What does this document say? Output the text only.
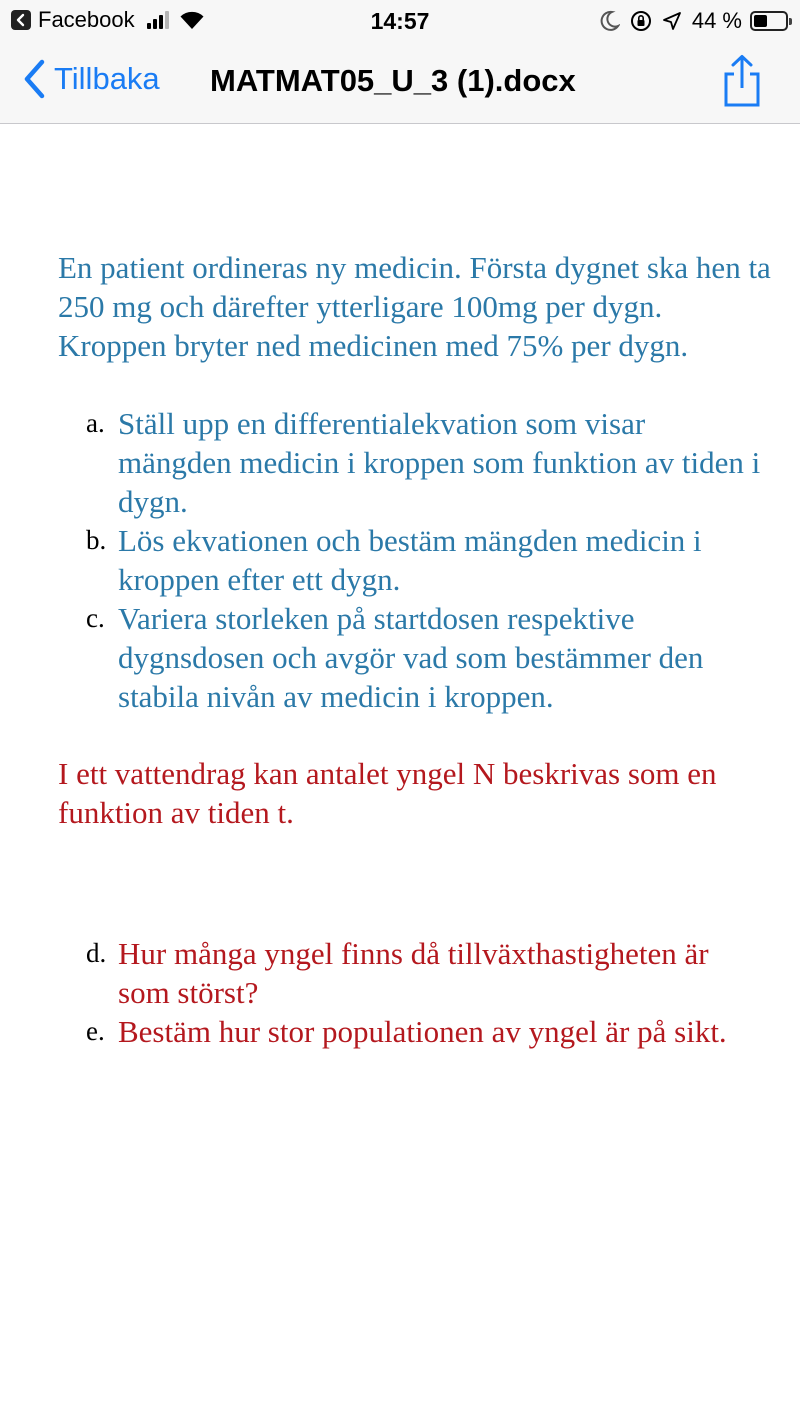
Facebook	14:57	44 %
Tillbaka MATMAT05_U_3 (1).docx

En patient ordineras ny medicin. Första dygnet ska hen ta 250 mg och därefter ytterligare 100mg per dygn. Kroppen bryter ned medicinen med 75% per dygn.

a. Ställ upp en differentialekvation som visar mängden medicin i kroppen som funktion av tiden i dygn.
b. Lös ekvationen och bestäm mängden medicin i kroppen efter ett dygn.
c. Variera storleken på startdosen respektive dygnsdosen och avgör vad som bestämmer den stabila nivån av medicin i kroppen.

I ett vattendrag kan antalet yngel N beskrivas som en funktion av tiden t.

d. Hur många yngel finns då tillväxthastigheten är som störst?
e. Bestäm hur stor populationen av yngel är på sikt.
